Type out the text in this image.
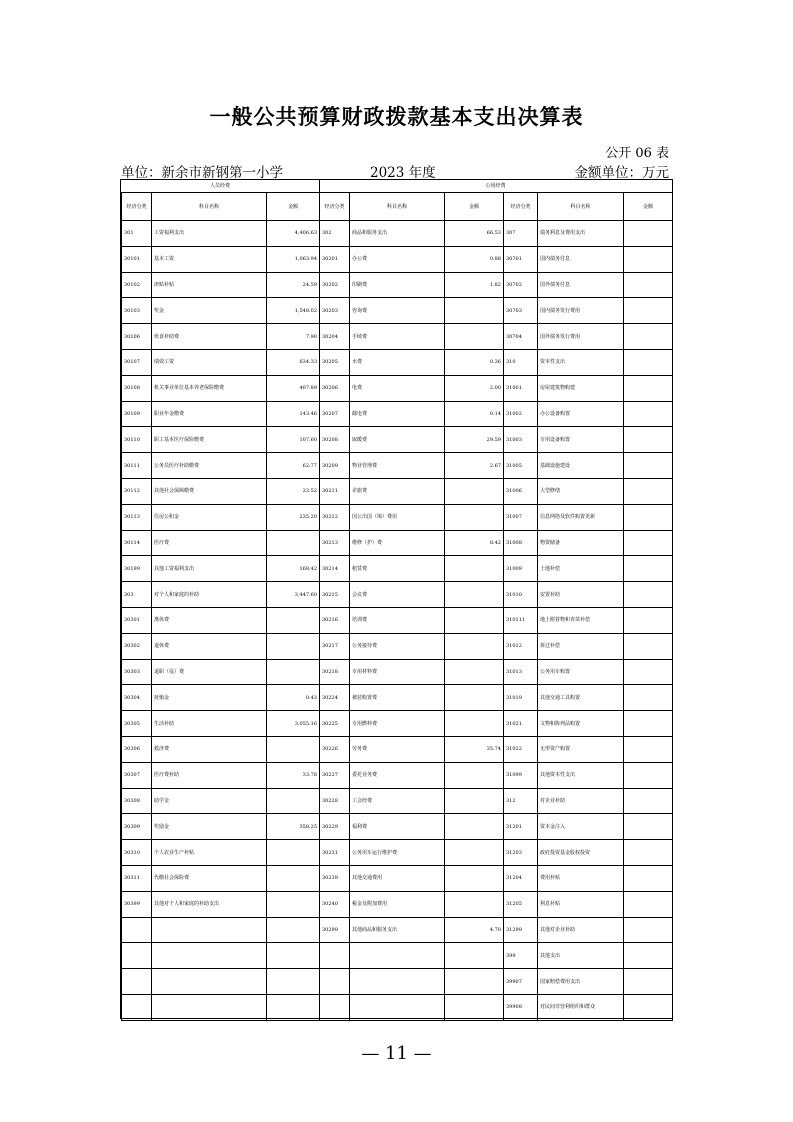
一般公共预算财政拨款基本支出决算表
公开 06 表
单位：新余市新钢第一小学	2023 年度	金额单位：万元
人员经费	公用经费
经济分类	科目名称	金额	经济分类	科目名称	金额	经济分类	科目名称	金额
301	工资福利支出	4,406.63	302	商品和服务支出	66.53	307	债务利息及费用支出	
30101	基本工资	1,063.94	30201	办公费	0.88	30701	国内债务付息	
30102	津贴补贴	24.59	30202	印刷费	1.82	30702	国外债务付息	
30103	奖金	1,548.02	30203	咨询费		30703	国内债务发行费用	
30106	伙食补助费	7.90	30204	手续费		30704	国外债务发行费用	
30107	绩效工资	634.33	30205	水费	0.36	310	资本性支出	
30108	机关事业单位基本养老保险缴费	407.89	30206	电费	2.00	31001	房屋建筑物购建	
30109	职业年金缴费	143.46	30207	邮电费	0.14	31002	办公设备购置	
30110	职工基本医疗保险缴费	107.60	30208	取暖费	29.59	31003	专用设备购置	
30111	公务员医疗补助缴费	62.77	30209	物业管理费	2.67	31005	基础设施建设	
30112	其他社会保障缴费	23.52	30211	差旅费		31006	大型修缮	
30113	住房公积金	235.20	30212	因公出国（境）费用		31007	信息网络及软件购置更新	
30114	医疗费		30213	维修（护）费	8.42	31008	物资储备	
30199	其他工资福利支出	168.42	30214	租赁费		31009	土地补偿	
303	对个人和家庭的补助	3,447.60	30215	会议费		31010	安置补助	
30301	离休费		30216	培训费		310111	地上附着物和青苗补偿	
30302	退休费		30217	公务接待费		31012	拆迁补偿	
30303	退职（役）费		30218	专用材料费		31013	公务用车购置	
30304	抚恤金	0.43	30224	被装购置费		31019	其他交通工具购置	
30305	生活补助	3,055.16	30225	专用燃料费		31021	文物和陈列品购置	
30306	救济费		30226	劳务费	35.74	31022	无形资产购置	
30307	医疗费补助	33.78	30227	委托业务费		31099	其他资本性支出	
30308	助学金		30228	工会经费		312	对企业补助	
30309	奖励金	358.25	30229	福利费		31201	资本金注入	
30310	个人农业生产补贴		30231	公务用车运行维护费		31203	政府投资基金股权投资	
30311	代缴社会保险费		30239	其他交通费用		31204	费用补贴	
30399	其他对个人和家庭的补助支出		30240	税金及附加费用		31205	利息补贴	
			30299	其他商品和服务支出	4.70	31299	其他对企业补助	
						399	其他支出	
						39907	国家赔偿费用支出	
						39908	对民间非营利组织和群众	
— 11 —
